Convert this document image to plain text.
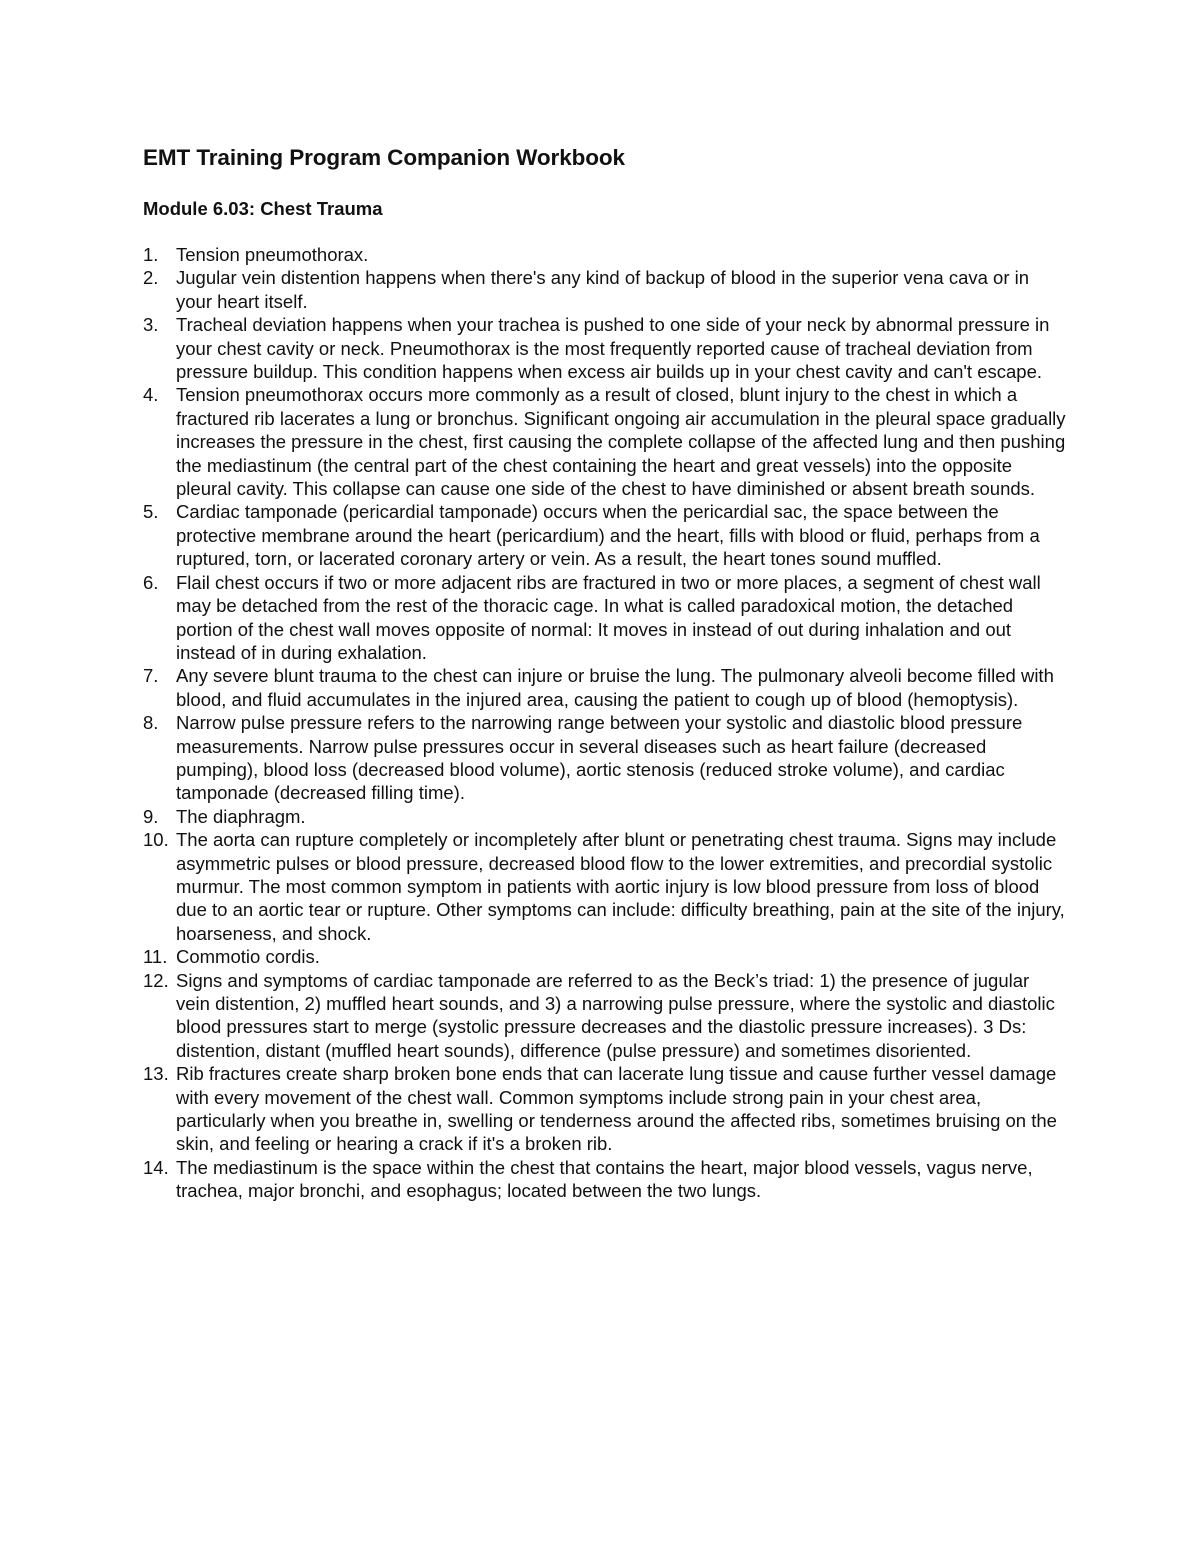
EMT Training Program Companion Workbook
Module 6.03: Chest Trauma
1. Tension pneumothorax.
2. Jugular vein distention happens when there's any kind of backup of blood in the superior vena cava or in your heart itself.
3. Tracheal deviation happens when your trachea is pushed to one side of your neck by abnormal pressure in your chest cavity or neck. Pneumothorax is the most frequently reported cause of tracheal deviation from pressure buildup. This condition happens when excess air builds up in your chest cavity and can't escape.
4. Tension pneumothorax occurs more commonly as a result of closed, blunt injury to the chest in which a fractured rib lacerates a lung or bronchus. Significant ongoing air accumulation in the pleural space gradually increases the pressure in the chest, first causing the complete collapse of the affected lung and then pushing the mediastinum (the central part of the chest containing the heart and great vessels) into the opposite pleural cavity. This collapse can cause one side of the chest to have diminished or absent breath sounds.
5. Cardiac tamponade (pericardial tamponade) occurs when the pericardial sac, the space between the protective membrane around the heart (pericardium) and the heart, fills with blood or fluid, perhaps from a ruptured, torn, or lacerated coronary artery or vein. As a result, the heart tones sound muffled.
6. Flail chest occurs if two or more adjacent ribs are fractured in two or more places, a segment of chest wall may be detached from the rest of the thoracic cage. In what is called paradoxical motion, the detached portion of the chest wall moves opposite of normal: It moves in instead of out during inhalation and out instead of in during exhalation.
7. Any severe blunt trauma to the chest can injure or bruise the lung. The pulmonary alveoli become filled with blood, and fluid accumulates in the injured area, causing the patient to cough up of blood (hemoptysis).
8. Narrow pulse pressure refers to the narrowing range between your systolic and diastolic blood pressure measurements. Narrow pulse pressures occur in several diseases such as heart failure (decreased pumping), blood loss (decreased blood volume), aortic stenosis (reduced stroke volume), and cardiac tamponade (decreased filling time).
9. The diaphragm.
10. The aorta can rupture completely or incompletely after blunt or penetrating chest trauma. Signs may include asymmetric pulses or blood pressure, decreased blood flow to the lower extremities, and precordial systolic murmur. The most common symptom in patients with aortic injury is low blood pressure from loss of blood due to an aortic tear or rupture. Other symptoms can include: difficulty breathing, pain at the site of the injury, hoarseness, and shock.
11. Commotio cordis.
12. Signs and symptoms of cardiac tamponade are referred to as the Beck’s triad: 1) the presence of jugular vein distention, 2) muffled heart sounds, and 3) a narrowing pulse pressure, where the systolic and diastolic blood pressures start to merge (systolic pressure decreases and the diastolic pressure increases). 3 Ds: distention, distant (muffled heart sounds), difference (pulse pressure) and sometimes disoriented.
13. Rib fractures create sharp broken bone ends that can lacerate lung tissue and cause further vessel damage with every movement of the chest wall. Common symptoms include strong pain in your chest area, particularly when you breathe in, swelling or tenderness around the affected ribs, sometimes bruising on the skin, and feeling or hearing a crack if it's a broken rib.
14. The mediastinum is the space within the chest that contains the heart, major blood vessels, vagus nerve, trachea, major bronchi, and esophagus; located between the two lungs.
